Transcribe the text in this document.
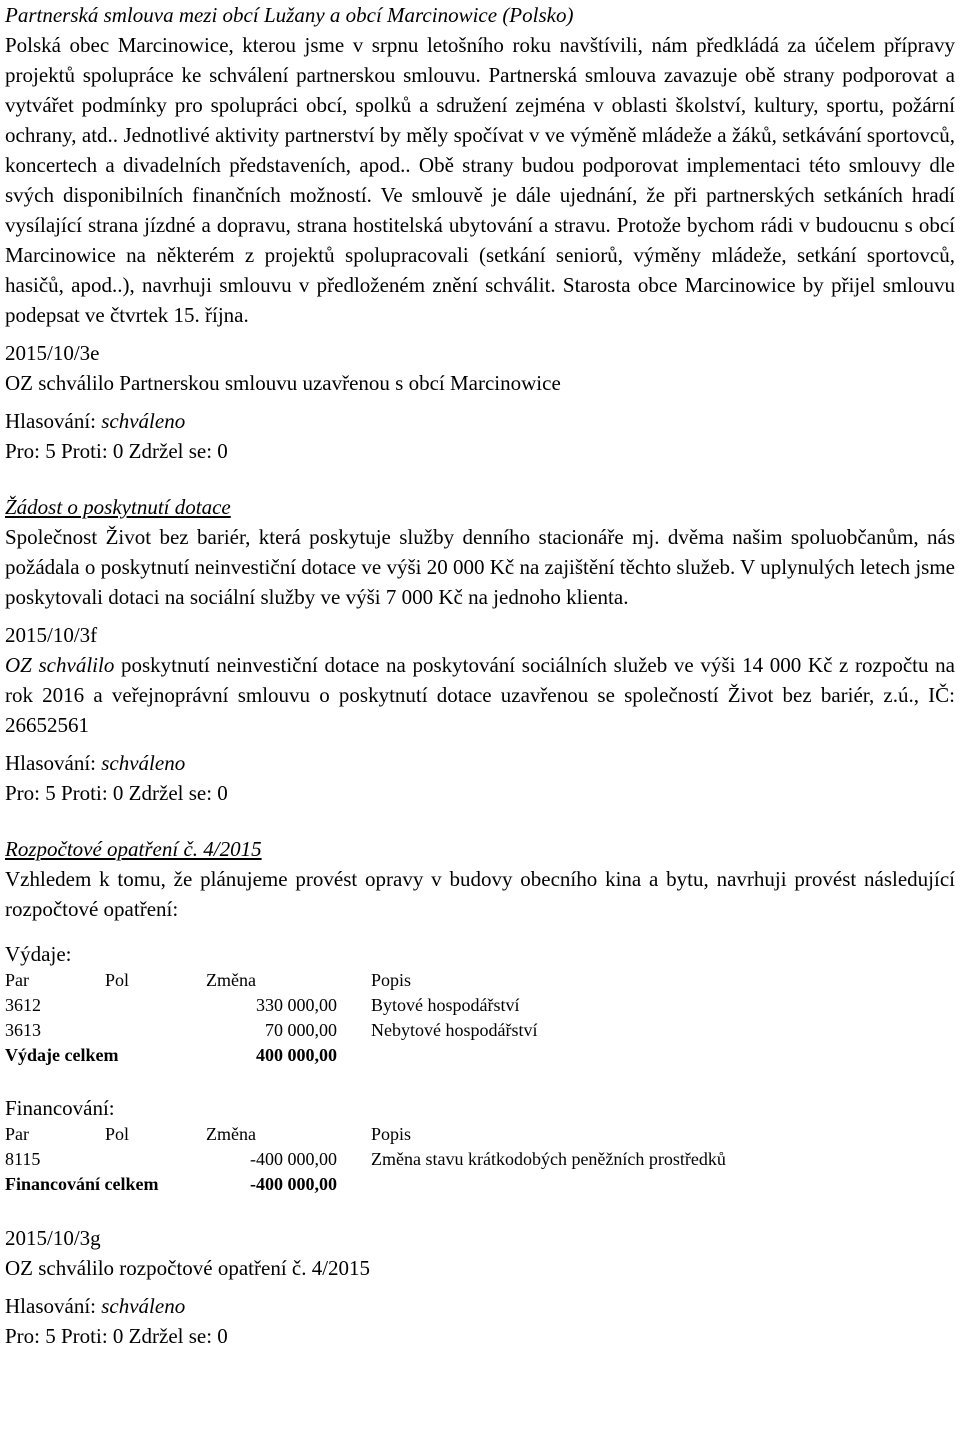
Partnerská smlouva mezi obcí Lužany a obcí Marcinowice (Polsko)

Polská obec Marcinowice, kterou jsme v srpnu letošního roku navštívili, nám předkládá za účelem přípravy projektů spolupráce ke schválení partnerskou smlouvu. Partnerská smlouva zavazuje obě strany podporovat a vytvářet podmínky pro spolupráci obcí, spolků a sdružení zejména v oblasti školství, kultury, sportu, požární ochrany, atd.. Jednotlivé aktivity partnerství by měly spočívat v ve výměně mládeže a žáků, setkávání sportovců, koncertech a divadelních představeních, apod.. Obě strany budou podporovat implementaci této smlouvy dle svých disponibilních finančních možností. Ve smlouvě je dále ujednání, že při partnerských setkáních hradí vysílající strana jízdné a dopravu, strana hostitelská ubytování a stravu. Protože bychom rádi v budoucnu s obcí Marcinowice na některém z projektů spolupracovali (setkání seniorů, výměny mládeže, setkání sportovců, hasičů, apod..), navrhuji smlouvu v předloženém znění schválit. Starosta obce Marcinowice by přijel smlouvu podepsat ve čtvrtek 15. října.

2015/10/3e

OZ schválilo Partnerskou smlouvu uzavřenou s obcí Marcinowice

Hlasování: schváleno

Pro: 5 Proti: 0 Zdržel se: 0

Žádost o poskytnutí dotace

Společnost Život bez bariér, která poskytuje služby denního stacionáře mj. dvěma našim spoluobčanům, nás požádala o poskytnutí neinvestiční dotace ve výši 20 000 Kč na zajištění těchto služeb. V uplynulých letech jsme poskytovali dotaci na sociální služby ve výši 7 000 Kč na jednoho klienta.

2015/10/3f

OZ schválilo poskytnutí neinvestiční dotace na poskytování sociálních služeb ve výši 14 000 Kč z rozpočtu na rok 2016 a veřejnoprávní smlouvu o poskytnutí dotace uzavřenou se společností Život bez bariér, z.ú., IČ: 26652561

Hlasování: schváleno

Pro: 5 Proti: 0 Zdržel se: 0

Rozpočtové opatření č. 4/2015

Vzhledem k tomu, že plánujeme provést opravy v budovy obecního kina a bytu, navrhuji provést následující rozpočtové opatření:

Výdaje:

Par	Pol	Změna	Popis
3612		330 000,00	Bytové hospodářství
3613		70 000,00	Nebytové hospodářství
Výdaje celkem		400 000,00	

Financování:

Par	Pol	Změna	Popis
8115		-400 000,00	Změna stavu krátkodobých peněžních prostředků
Financování celkem		-400 000,00	

2015/10/3g

OZ schválilo rozpočtové opatření č. 4/2015

Hlasování: schváleno

Pro: 5 Proti: 0 Zdržel se: 0
